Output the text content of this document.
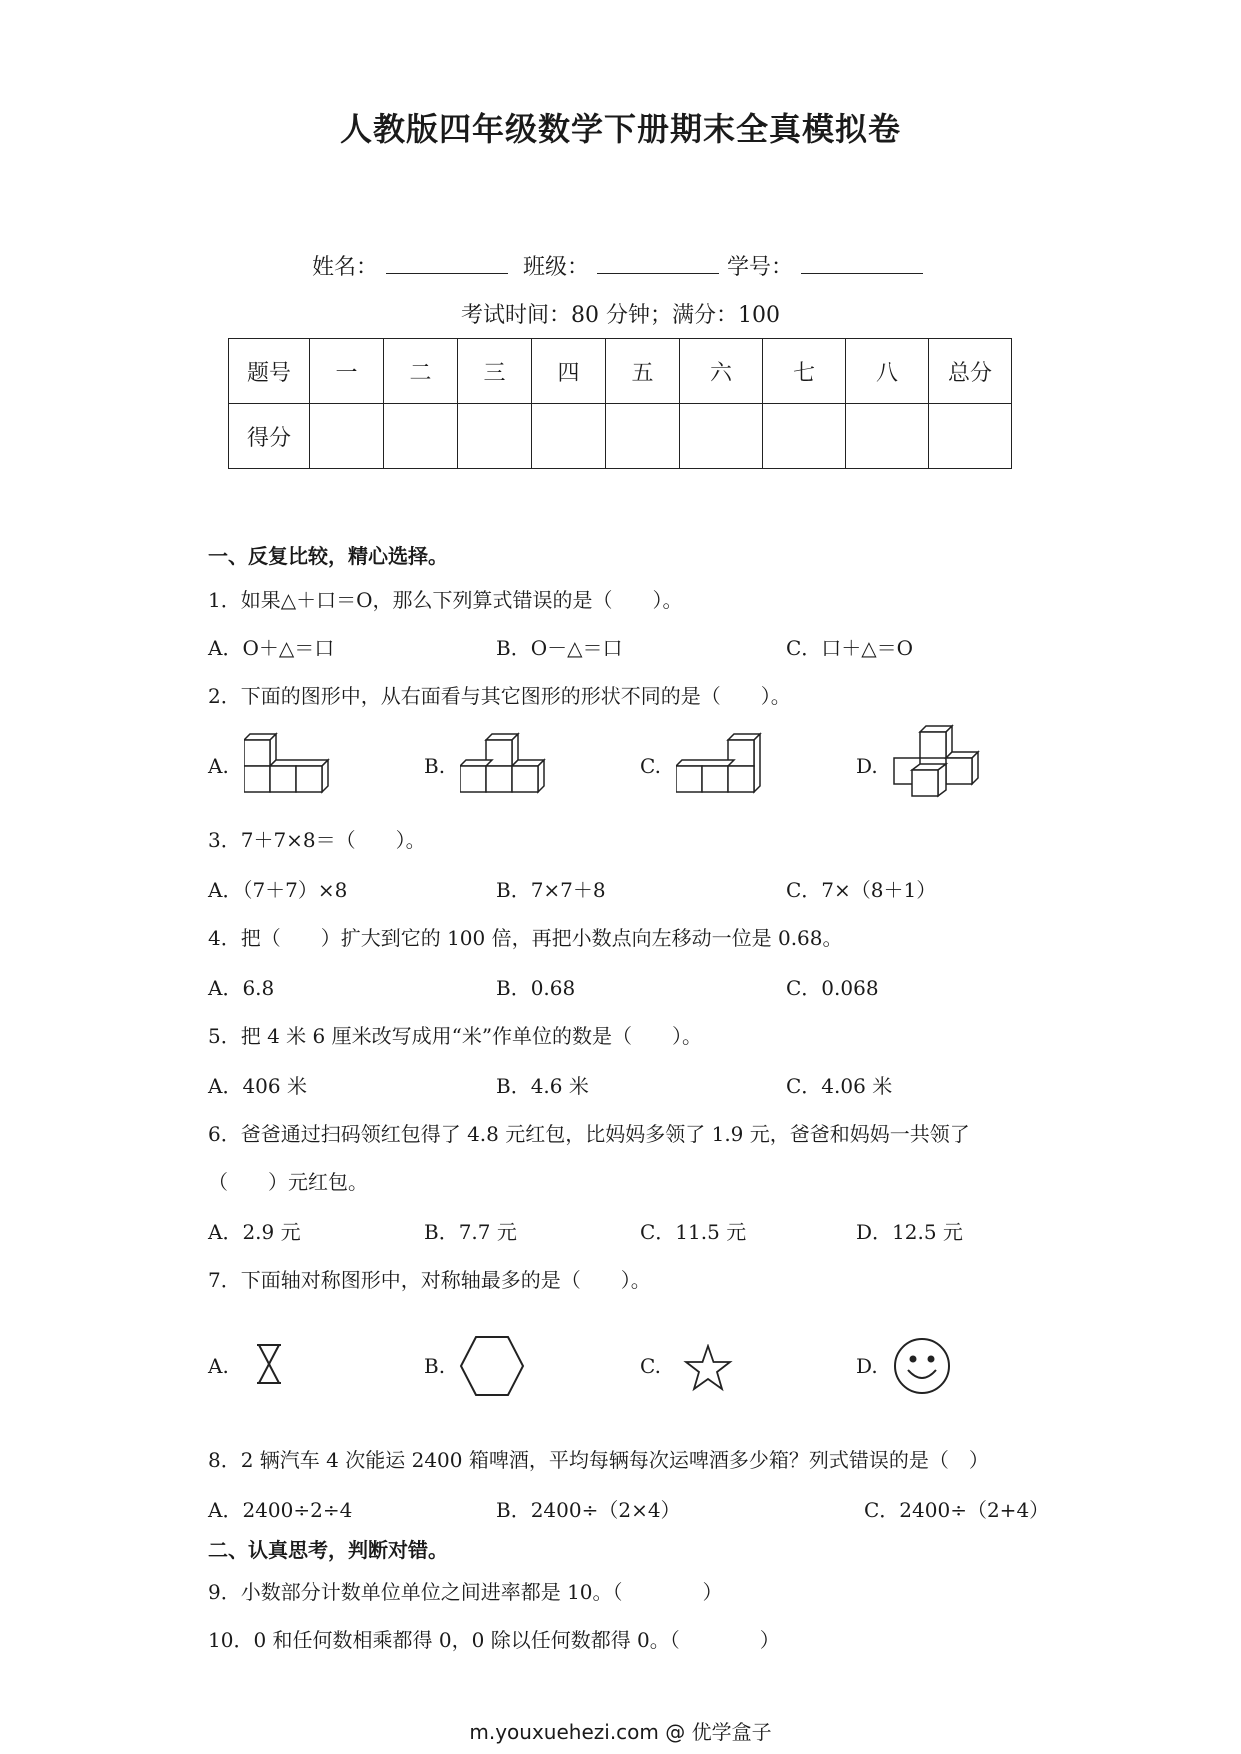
人教版四年级数学下册期末全真模拟卷
姓名：	班级：	学号：
考试时间：80 分钟；满分：100
题号	一	二	三	四	五	六	七	八	总分
得分									
一、反复比较，精心选择。
1．如果△＋口＝O，那么下列算式错误的是（　　）。
A．O＋△＝口	B．O－△＝口	C．口＋△＝O
2．下面的图形中，从右面看与其它图形的形状不同的是（　　）。
A.	B.	C.	D.
3．7＋7×8＝（　　）。
A．（7＋7）×8	B．7×7＋8	C．7×（8＋1）
4．把（　　）扩大到它的 100 倍，再把小数点向左移动一位是 0.68。
A．6.8	B．0.68	C．0.068
5．把 4 米 6 厘米改写成用“米”作单位的数是（　　）。
A．406 米	B．4.6 米	C．4.06 米
6．爸爸通过扫码领红包得了 4.8 元红包，比妈妈多领了 1.9 元，爸爸和妈妈一共领了
（　　）元红包。
A．2.9 元	B．7.7 元	C．11.5 元	D．12.5 元
7．下面轴对称图形中，对称轴最多的是（　　）。
A.	B.	C.	D.
8．2 辆汽车 4 次能运 2400 箱啤酒，平均每辆每次运啤酒多少箱？列式错误的是（　）
A．2400÷2÷4	B．2400÷（2×4）	C．2400÷（2+4）
二、认真思考，判断对错。
9．小数部分计数单位单位之间进率都是 10。（　　　　）
10．0 和任何数相乘都得 0，0 除以任何数都得 0。（　　　　）
m.youxuehezi.com @ 优学盒子
